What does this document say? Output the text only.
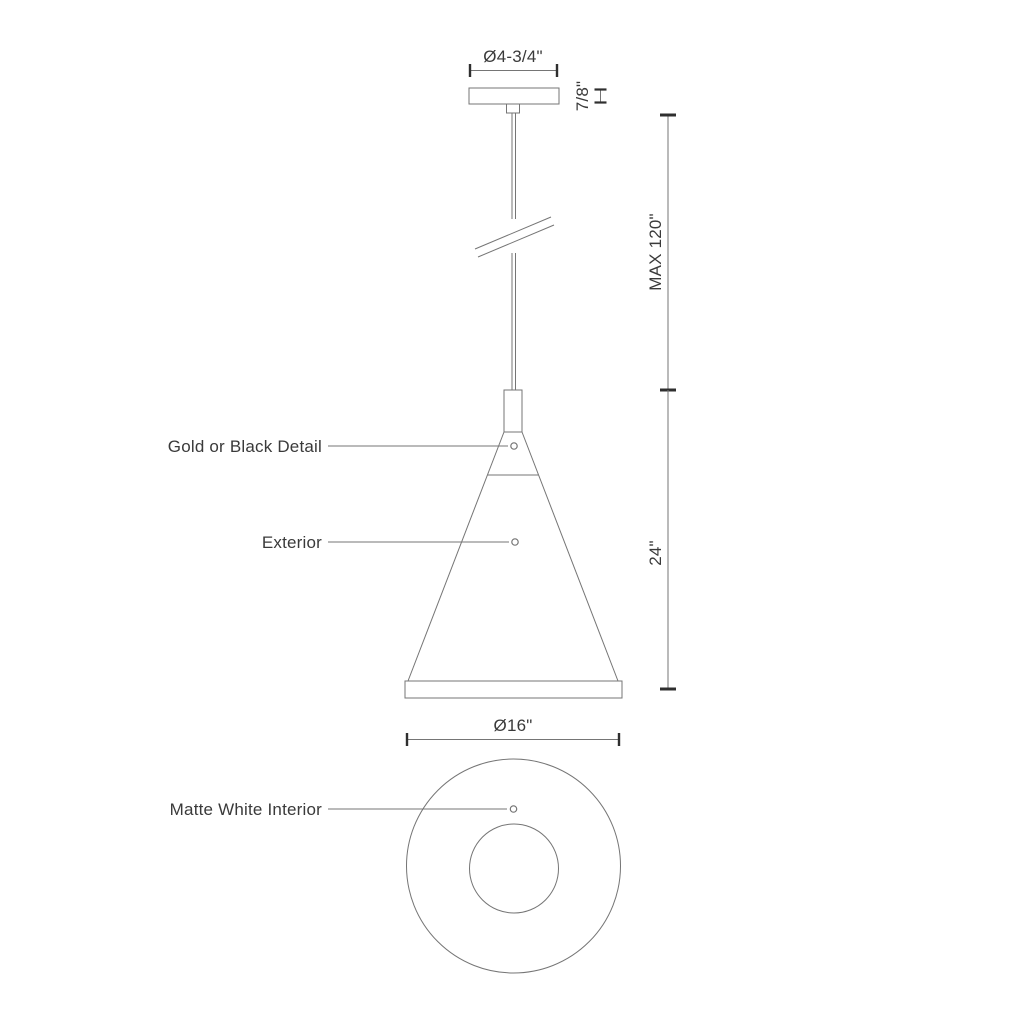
Ø4-3/4"
7/8"
Ø16"
MAX 120"
24"
Gold or Black Detail
Exterior
Matte White Interior
